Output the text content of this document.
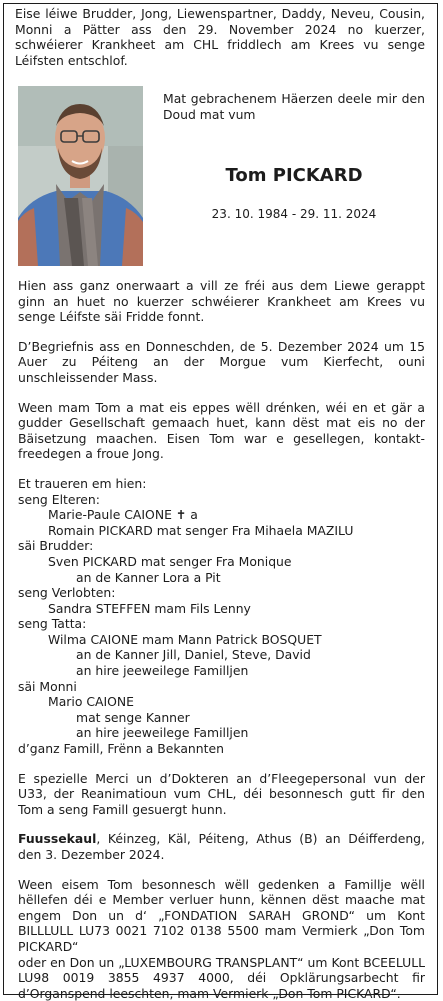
Eise léiwe Brudder, Jong, Liewenspartner, Daddy, Neveu, Cousin, Monni a Pätter ass den 29. November 2024 no kuerzer, schwéierer Krankheet am CHL friddlech am Krees vu senge Léifsten entschlof.

Mat gebrachenem Häerzen deele mir den Doud mat vum
Tom PICKARD
23. 10. 1984 - 29. 11. 2024

Hien ass ganz onerwaart a vill ze fréi aus dem Liewe gerappt ginn an huet no kuerzer schwéierer Krankheet am Krees vu senge Léifste säi Fridde fonnt.

D’Begriefnis ass en Donneschden, de 5. Dezember 2024 um 15 Auer zu Péiteng an der Morgue vum Kierfecht, ouni unschleissender Mass.

Ween mam Tom a mat eis eppes wëll drénken, wéi en et gär a gudder Gesellschaft gemaach huet, kann dëst mat eis no der Bäisetzung maachen. Eisen Tom war e gesellegen, kontakt-freedegen a froue Jong.

Et traueren em hien:

seng Elteren:

Marie-Paule CAIONE ✝ a

Romain PICKARD mat senger Fra Mihaela MAZILU

säi Brudder:

Sven PICKARD mat senger Fra Monique

an de Kanner Lora a Pit

seng Verlobten:

Sandra STEFFEN mam Fils Lenny

seng Tatta:

Wilma CAIONE mam Mann Patrick BOSQUET

an de Kanner Jill, Daniel, Steve, David

an hire jeeweilege Familljen

säi Monni

Mario CAIONE

mat senge Kanner

an hire jeeweilege Familljen

d’ganz Famill, Frënn a Bekannten

E spezielle Merci un d’Dokteren an d’Fleegepersonal vun der U33, der Reanimatioun vum CHL, déi besonnesch gutt fir den Tom a seng Famill gesuergt hunn.

Fuussekaul, Kéinzeg, Käl, Péiteng, Athus (B) an Déifferdeng, den 3. Dezember 2024.

Ween eisem Tom besonnesch wëll gedenken a Familljе wëll hëllefen déi e Member verluer hunn, kënnen dëst maache mat engem Don un d‘ „FONDATION SARAH GROND“ um Kont BILLLULL LU73 0021 7102 0138 5500 mam Vermierk „Don Tom PICKARD“

oder en Don un „LUXEMBOURG TRANSPLANT“ um Kont BCEELULL LU98 0019 3855 4937 4000, déi Opklärungsarbecht fir d’Organspend leeschten, mam Vermierk „Don Tom PICKARD“.
